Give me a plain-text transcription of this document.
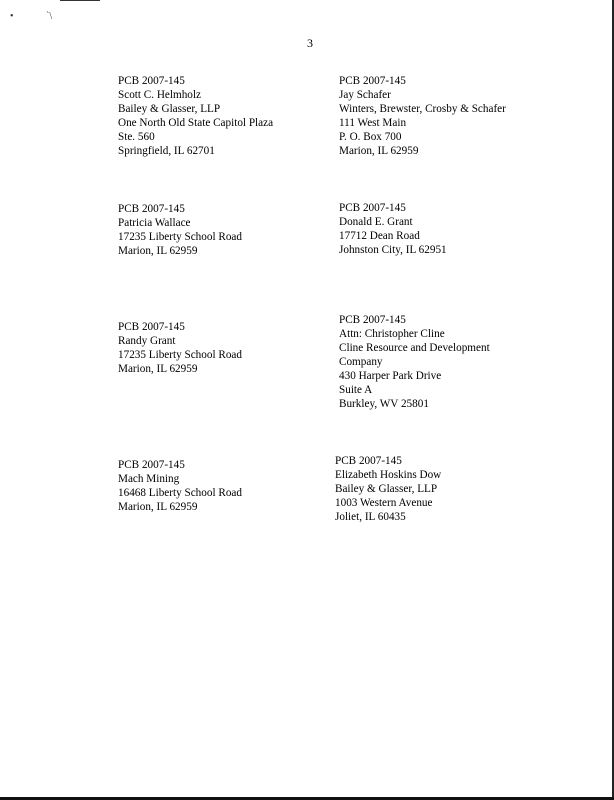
•	`\
3
PCB 2007-145
Scott C. Helmholz
Bailey & Glasser, LLP
One North Old State Capitol Plaza
Ste. 560
Springfield, IL 62701
PCB 2007-145
Jay Schafer
Winters, Brewster, Crosby & Schafer
111 West Main
P. O. Box 700
Marion, IL 62959
PCB 2007-145
Patricia Wallace
17235 Liberty School Road
Marion, IL 62959
PCB 2007-145
Donald E. Grant
17712 Dean Road
Johnston City, IL 62951
PCB 2007-145
Randy Grant
17235 Liberty School Road
Marion, IL 62959
PCB 2007-145
Attn: Christopher Cline
Cline Resource and Development
Company
430 Harper Park Drive
Suite A
Burkley, WV 25801
PCB 2007-145
Mach Mining
16468 Liberty School Road
Marion, IL 62959
PCB 2007-145
Elizabeth Hoskins Dow
Bailey & Glasser, LLP
1003 Western Avenue
Joliet, IL 60435
